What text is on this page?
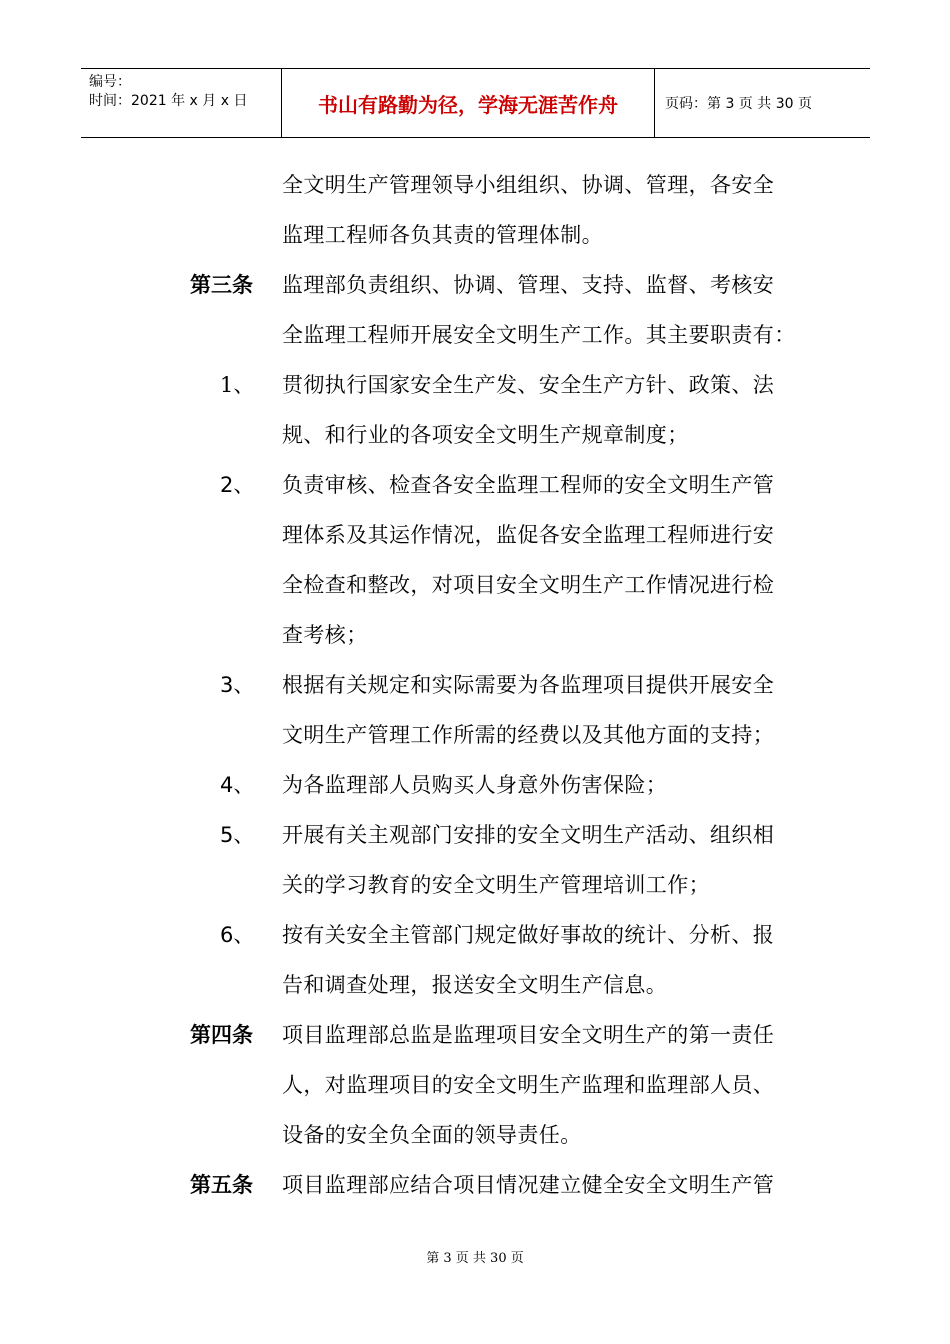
编号：
时间：2021 年 x 月 x 日	书山有路勤为径，学海无涯苦作舟	页码：第 3 页 共 30 页
全文明生产管理领导小组组织、协调、管理，各安全
监理工程师各负其责的管理体制。
第三条 监理部负责组织、协调、管理、支持、监督、考核安
全监理工程师开展安全文明生产工作。其主要职责有：
1、 贯彻执行国家安全生产发、安全生产方针、政策、法
规、和行业的各项安全文明生产规章制度；
2、 负责审核、检查各安全监理工程师的安全文明生产管
理体系及其运作情况，监促各安全监理工程师进行安
全检查和整改，对项目安全文明生产工作情况进行检
查考核；
3、 根据有关规定和实际需要为各监理项目提供开展安全
文明生产管理工作所需的经费以及其他方面的支持；
4、 为各监理部人员购买人身意外伤害保险；
5、 开展有关主观部门安排的安全文明生产活动、组织相
关的学习教育的安全文明生产管理培训工作；
6、 按有关安全主管部门规定做好事故的统计、分析、报
告和调查处理，报送安全文明生产信息。
第四条 项目监理部总监是监理项目安全文明生产的第一责任
人，对监理项目的安全文明生产监理和监理部人员、
设备的安全负全面的领导责任。
第五条 项目监理部应结合项目情况建立健全安全文明生产管
第 3 页 共 30 页
